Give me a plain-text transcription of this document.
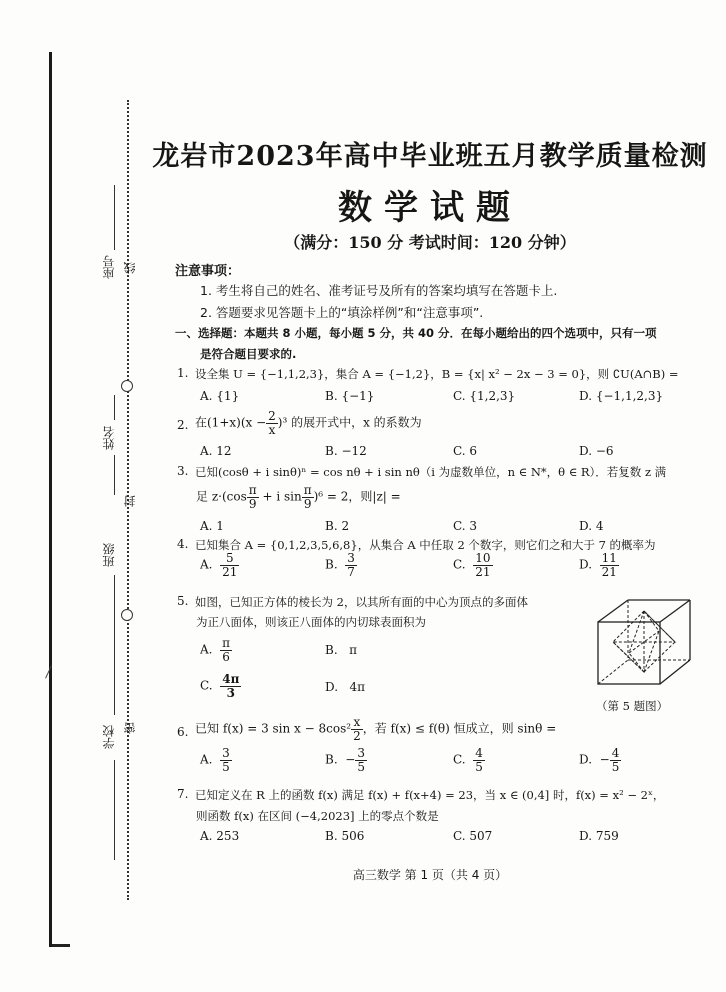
座号 线
姓名
封
班级
学校 密
龙岩市2023年高中毕业班五月教学质量检测
数学试题
（满分：150 分 考试时间：120 分钟）
注意事项：
1. 考生将自己的姓名、准考证号及所有的答案均填写在答题卡上.
2. 答题要求见答题卡上的“填涂样例”和“注意事项”.
一、选择题：本题共 8 小题，每小题 5 分，共 40 分．在每小题给出的四个选项中，只有一项
是符合题目要求的.
1. 设全集 U = {−1,1,2,3}，集合 A = {−1,2}，B = {x| x² − 2x − 3 = 0}，则 ∁U(A∩B) =
A. {1}	B. {−1}	C. {1,2,3}	D. {−1,1,2,3}
2. 在$(1+x)(x - \frac{2}{x} )^3$ 的展开式中，x 的系数为
A. 12	B. −12	C. 6	D. −6
3. 已知(cosθ + i sinθ)ⁿ = cos nθ + i sin nθ（i 为虚数单位，n ∈ N*，θ ∈ R）．若复数 z 满
足 $z\cdot(\cos \frac{\pi}{9} + i$ $\sin \frac{\pi}{9} )^6 = 2$，则|z| =
A. 1	B. 2	C. 3	D. 4
4. 已知集合 A = {0,1,2,3,5,6,8}，从集合 A 中任取 2 个数字，则它们之和大于 7 的概率为
A. $\frac{5}{21}$	B. $\frac{3}{7}$	C. $\frac{10}{21}$	D. $\frac{11}{21}$
5. 如图，已知正方体的棱长为 2，以其所有面的中心为顶点的多面体
为正八面体，则该正八面体的内切球表面积为
A. $\frac{\pi}{6}$	B. π
C. $\frac{4\pi}{3}$	D. 4π
（第 5 题图）
6. 已知 f(x) = 3 $\sin x - 8\cos^2 \frac{x}{2}$ ，若 f(x) ≤ f(θ) 恒成立，则 sinθ =
A. $\frac{3}{5}$	B. − $\frac{3}{5}$	C. $\frac{4}{5}$	D. − $\frac{4}{5}$
7. 已知定义在 R 上的函数 f(x) 满足 f(x) + f(x+4) = 23，当 x ∈ (0,4] 时，f(x) = x² − 2ˣ，
则函数 f(x) 在区间 (−4,2023] 上的零点个数是
A. 253	B. 506	C. 507	D. 759
高三数学 第 1 页（共 4 页）
